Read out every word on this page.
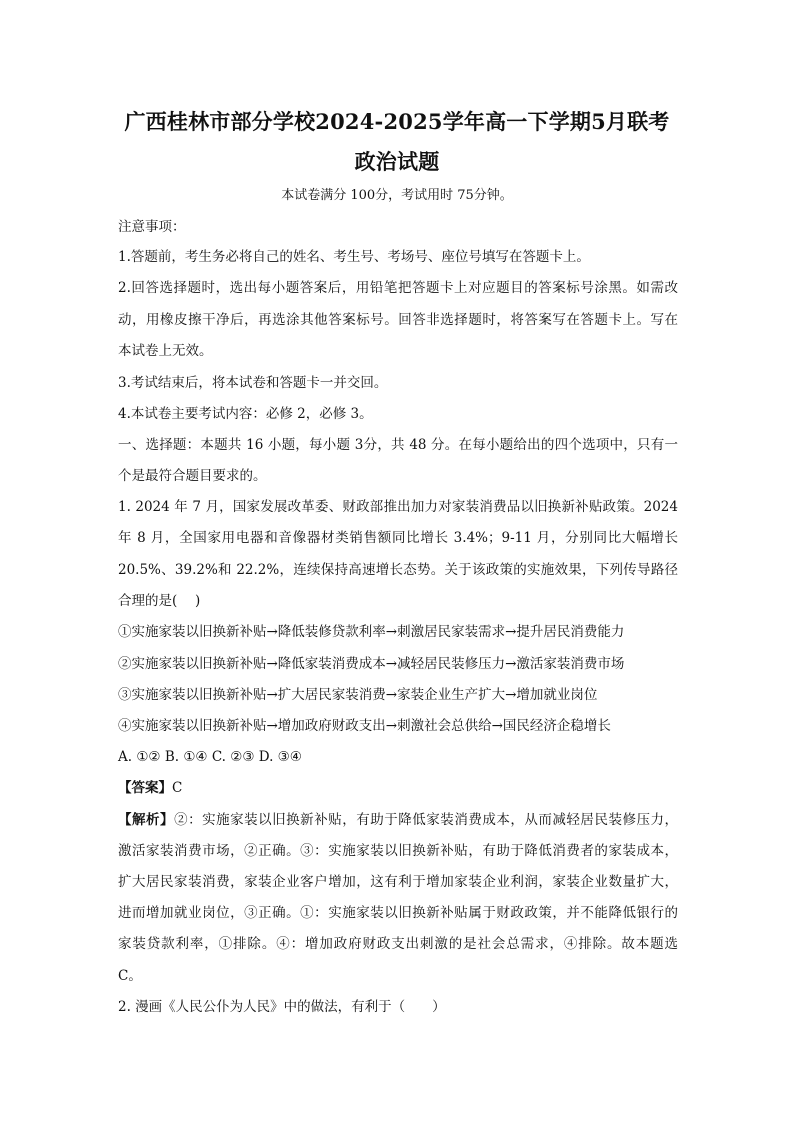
广西桂林市部分学校2024-2025学年高一下学期5月联考
政治试题
本试卷满分 100分，考试用时 75分钟。
注意事项：
1.答题前，考生务必将自己的姓名、考生号、考场号、座位号填写在答题卡上。
2.回答选择题时，选出每小题答案后，用铅笔把答题卡上对应题目的答案标号涂黑。如需改
动，用橡皮擦干净后，再选涂其他答案标号。回答非选择题时，将答案写在答题卡上。写在
本试卷上无效。
3.考试结束后，将本试卷和答题卡一并交回。
4.本试卷主要考试内容：必修 2，必修 3。
一、选择题：本题共 16 小题，每小题 3分，共 48 分。在每小题给出的四个选项中，只有一
个是最符合题目要求的。
1. 2024 年 7 月，国家发展改革委、财政部推出加力对家装消费品以旧换新补贴政策。2024
年 8 月，全国家用电器和音像器材类销售额同比增长 3.4%；9-11 月，分别同比大幅增长
20.5%、39.2%和 22.2%，连续保持高速增长态势。关于该政策的实施效果，下列传导路径
合理的是(　 )
①实施家装以旧换新补贴→降低装修贷款利率→刺激居民家装需求→提升居民消费能力
②实施家装以旧换新补贴→降低家装消费成本→减轻居民装修压力→激活家装消费市场
③实施家装以旧换新补贴→扩大居民家装消费→家装企业生产扩大→增加就业岗位
④实施家装以旧换新补贴→增加政府财政支出→刺激社会总供给→国民经济企稳增长
A. ①② B. ①④ C. ②③ D. ③④
【答案】C
【解析】②：实施家装以旧换新补贴，有助于降低家装消费成本，从而减轻居民装修压力，
激活家装消费市场，②正确。③：实施家装以旧换新补贴，有助于降低消费者的家装成本，
扩大居民家装消费，家装企业客户增加，这有利于增加家装企业利润，家装企业数量扩大，
进而增加就业岗位，③正确。①：实施家装以旧换新补贴属于财政政策，并不能降低银行的
家装贷款利率，①排除。④：增加政府财政支出刺激的是社会总需求，④排除。故本题选
C。
2. 漫画《人民公仆为人民》中的做法，有利于（　　）
